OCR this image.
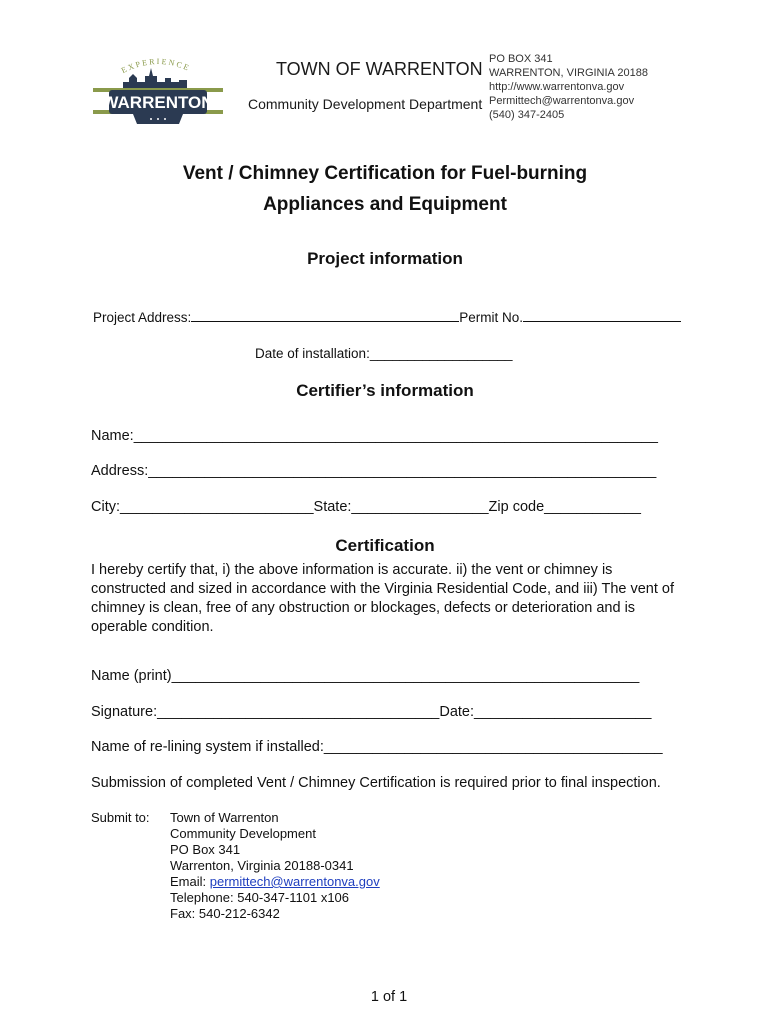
EXPERIENCE
WARRENTON
TOWN OF WARRENTON
Community Development Department
PO BOX 341
WARRENTON, VIRGINIA 20188
http://www.warrentonva.gov
Permittech@warrentonva.gov
(540) 347-2405
Vent / Chimney Certification for Fuel-burning
Appliances and Equipment
Project information
Project Address:	Permit No.
Date of installation:___________________
Certifier’s information
Name:_________________________________________________________________
Address:_______________________________________________________________
City:________________________State:_________________Zip code____________
Certification
I hereby certify that, i) the above information is accurate. ii) the vent or chimney is constructed and sized in accordance with the Virginia Residential Code, and iii) The vent of chimney is clean, free of any obstruction or blockages, defects or deterioration and is operable condition.
Name (print)__________________________________________________________
Signature:___________________________________Date:______________________
Name of re-lining system if installed:__________________________________________
Submission of completed Vent / Chimney Certification is required prior to final inspection.
Submit to: Town of Warrenton
Community Development
PO Box 341
Warrenton, Virginia 20188-0341
Email: permittech@warrentonva.gov
Telephone: 540-347-1101 x106
Fax: 540-212-6342
1 of 1
